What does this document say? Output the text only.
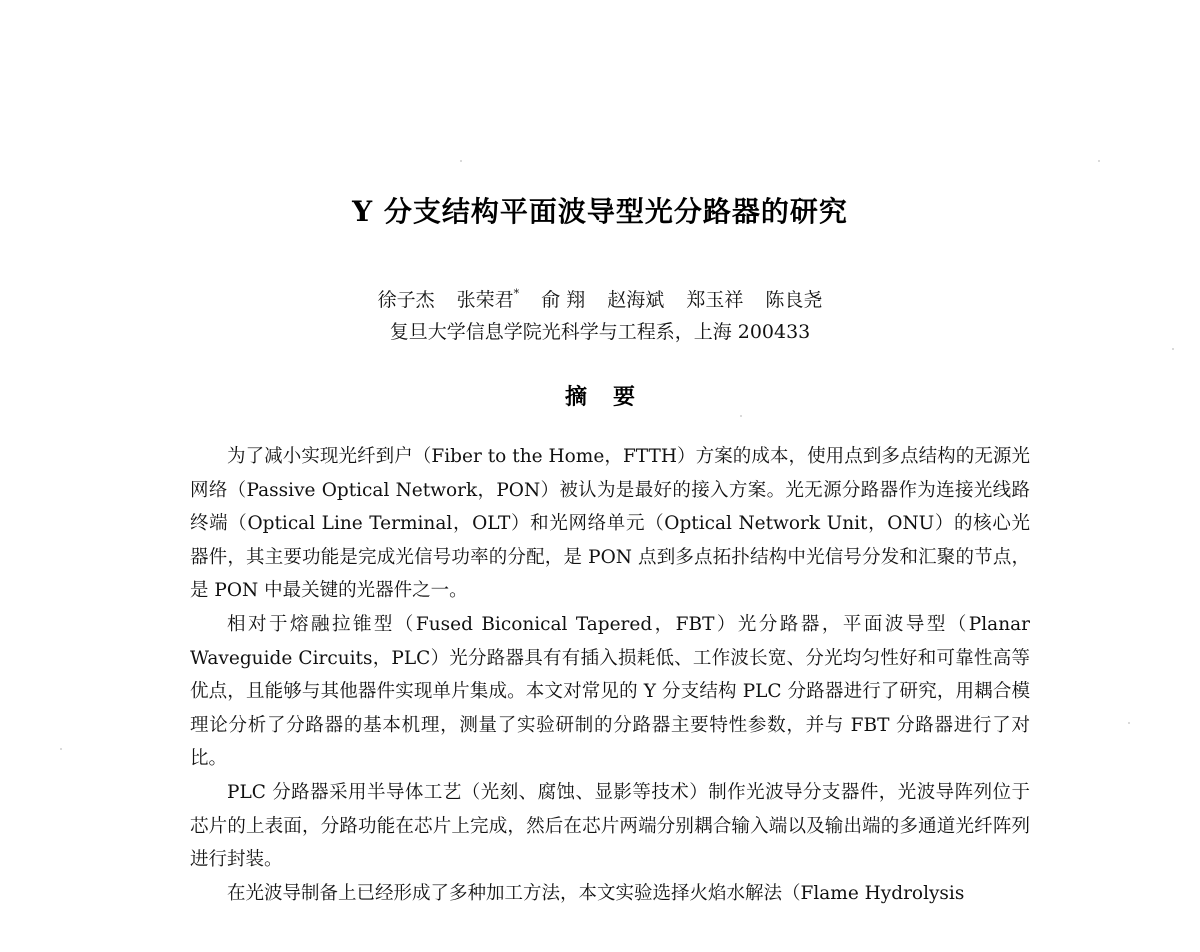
Y 分支结构平面波导型光分路器的研究
徐子杰 张荣君* 俞 翔 赵海斌 郑玉祥 陈良尧
复旦大学信息学院光科学与工程系，上海 200433
摘要

为了减小实现光纤到户（Fiber to the Home，FTTH）方案的成本，使用点到多点结构的无源光网络（Passive Optical Network，PON）被认为是最好的接入方案。光无源分路器作为连接光线路终端（Optical Line Terminal，OLT）和光网络单元（Optical Network Unit，ONU）的核心光器件，其主要功能是完成光信号功率的分配，是 PON 点到多点拓扑结构中光信号分发和汇聚的节点，是 PON 中最关键的光器件之一。

相对于熔融拉锥型（Fused Biconical Tapered，FBT）光分路器，平面波导型（Planar Waveguide Circuits，PLC）光分路器具有有插入损耗低、工作波长宽、分光均匀性好和可靠性高等优点，且能够与其他器件实现单片集成。本文对常见的 Y 分支结构 PLC 分路器进行了研究，用耦合模理论分析了分路器的基本机理，测量了实验研制的分路器主要特性参数，并与 FBT 分路器进行了对比。

PLC 分路器采用半导体工艺（光刻、腐蚀、显影等技术）制作光波导分支器件，光波导阵列位于芯片的上表面，分路功能在芯片上完成，然后在芯片两端分别耦合输入端以及输出端的多通道光纤阵列进行封装。

在光波导制备上已经形成了多种加工方法，本文实验选择火焰水解法（Flame Hydrolysis
